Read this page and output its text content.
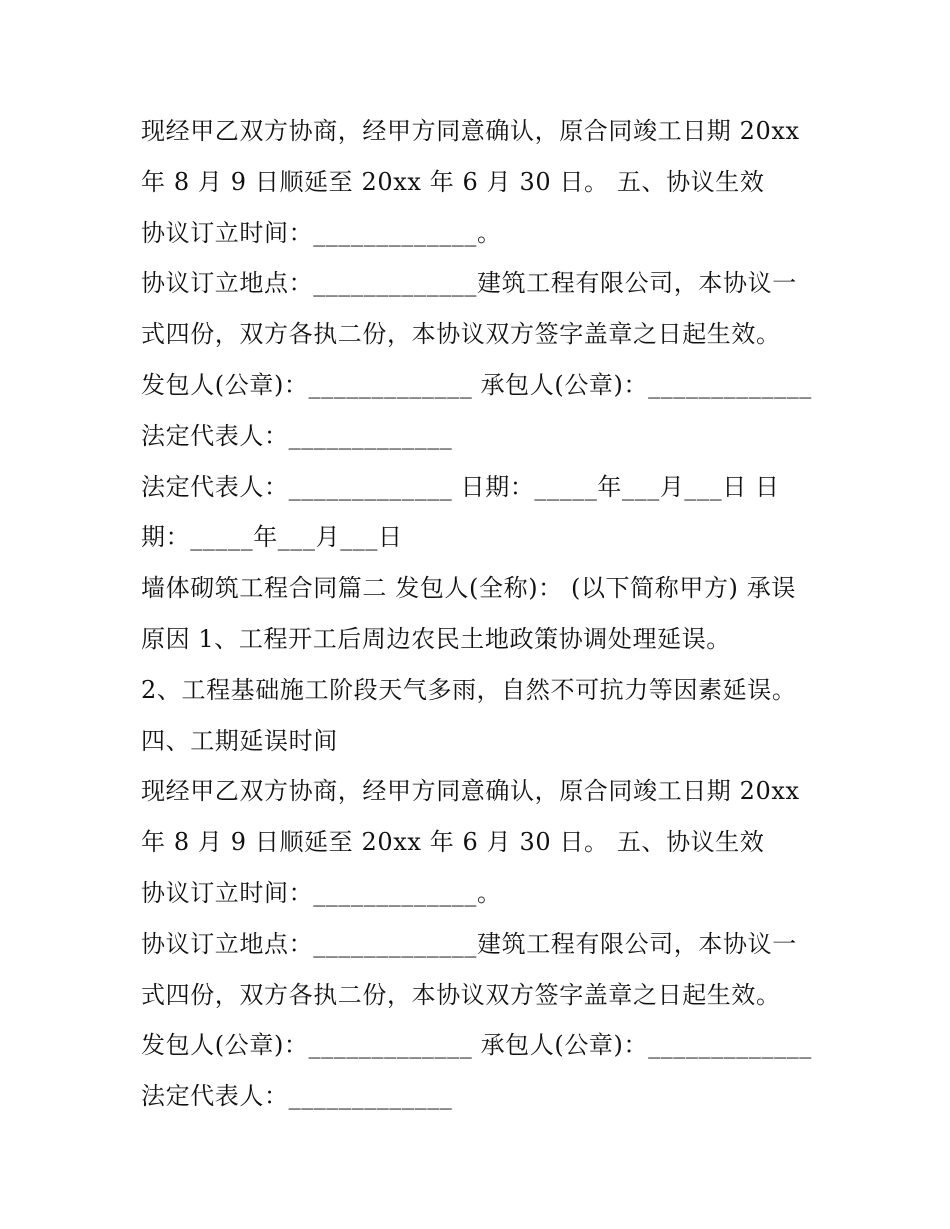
现经甲乙双方协商，经甲方同意确认，原合同竣工日期 20xx
年 8 月 9 日顺延至 20xx 年 6 月 30 日。 五、协议生效
协议订立时间：_____________。
协议订立地点：_____________建筑工程有限公司，本协议一
式四份，双方各执二份，本协议双方签字盖章之日起生效。
发包人(公章)：_____________ 承包人(公章)：_____________
法定代表人：_____________
法定代表人：_____________ 日期：_____年___月___日 日
期：_____年___月___日
墙体砌筑工程合同篇二 发包人(全称)： (以下简称甲方) 承误
原因 1、工程开工后周边农民土地政策协调处理延误。
2、工程基础施工阶段天气多雨，自然不可抗力等因素延误。
四、工期延误时间
现经甲乙双方协商，经甲方同意确认，原合同竣工日期 20xx
年 8 月 9 日顺延至 20xx 年 6 月 30 日。 五、协议生效
协议订立时间：_____________。
协议订立地点：_____________建筑工程有限公司，本协议一
式四份，双方各执二份，本协议双方签字盖章之日起生效。
发包人(公章)：_____________ 承包人(公章)：_____________
法定代表人：_____________
